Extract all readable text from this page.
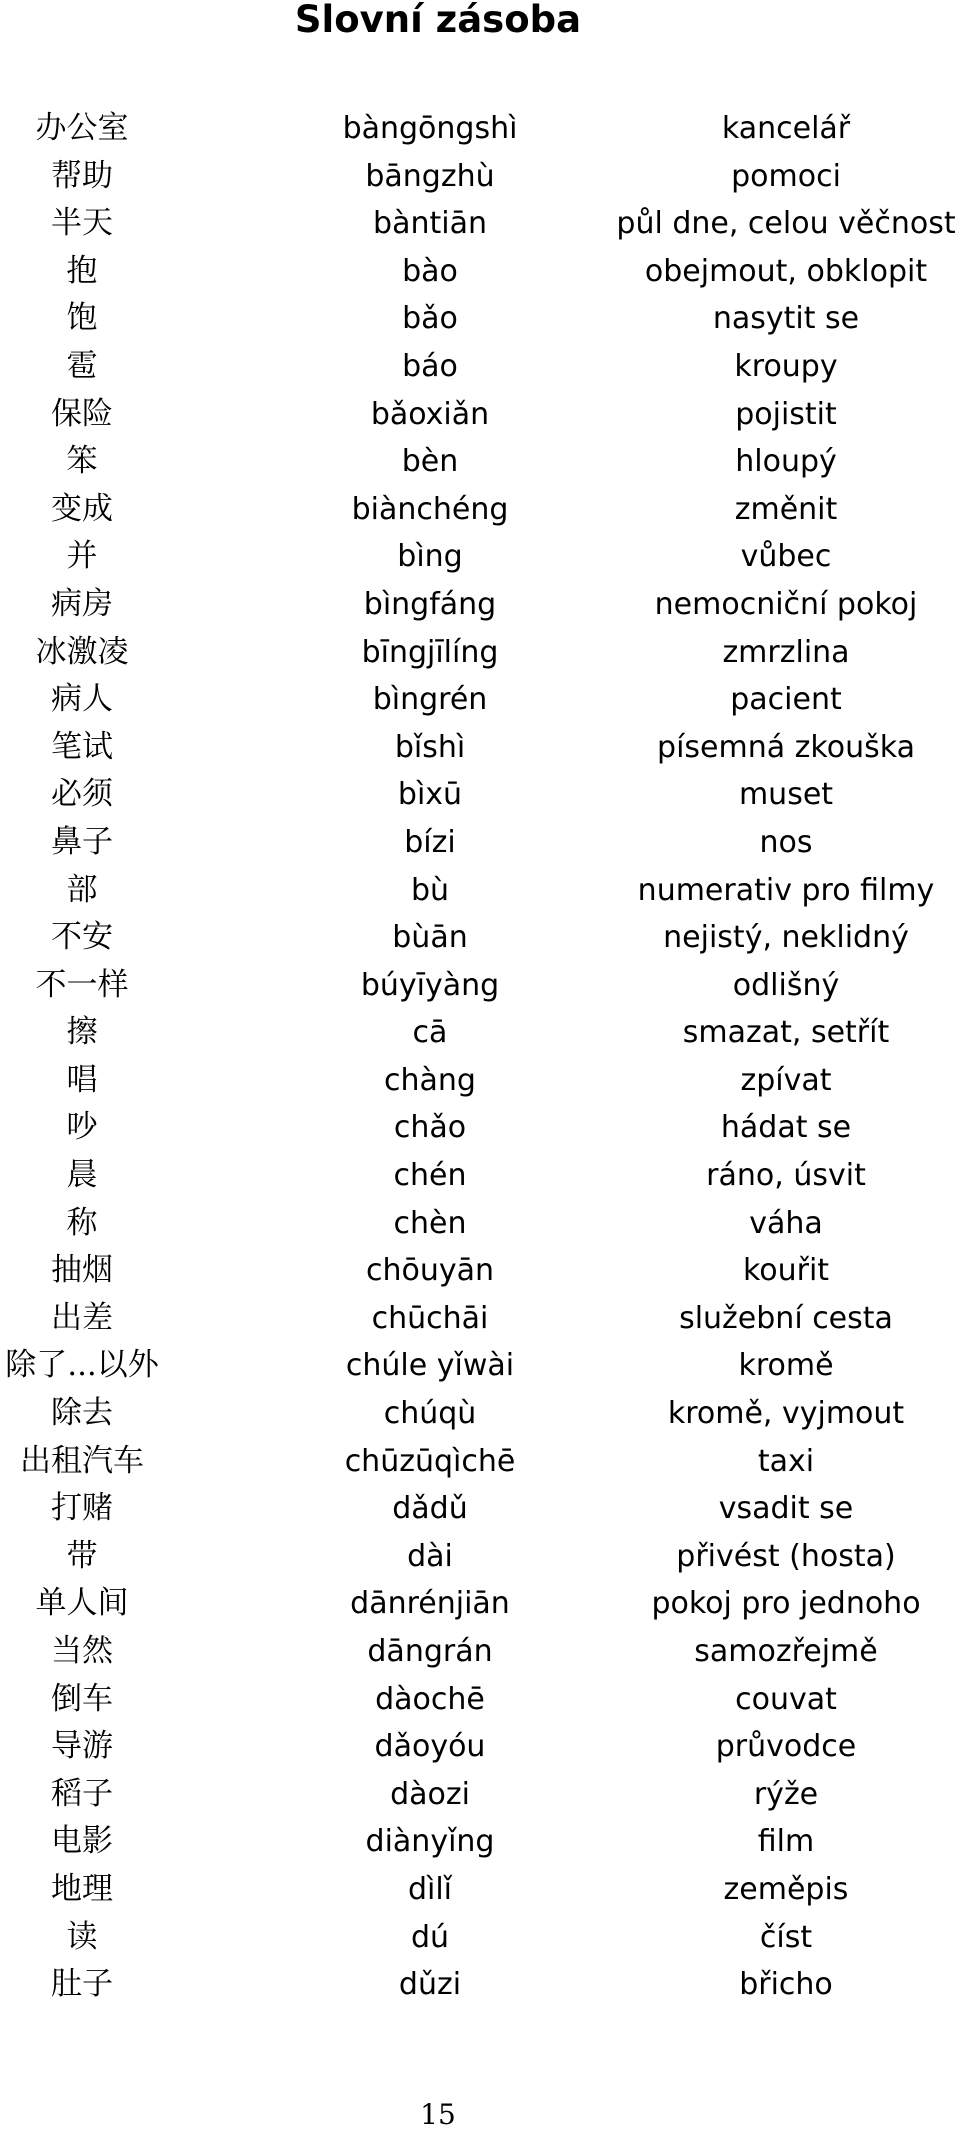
Slovní zásoba
办公室	bàngōngshì	kancelář
帮助	bāngzhù	pomoci
半天	bàntiān	půl dne, celou věčnost
抱	bào	obejmout, obklopit
饱	bǎo	nasytit se
雹	báo	kroupy
保险	bǎoxiǎn	pojistit
笨	bèn	hloupý
变成	biànchéng	změnit
并	bìng	vůbec
病房	bìngfáng	nemocniční pokoj
冰激凌	bīngjīlíng	zmrzlina
病人	bìngrén	pacient
笔试	bǐshì	písemná zkouška
必须	bìxū	muset
鼻子	bízi	nos
部	bù	numerativ pro filmy
不安	bùān	nejistý, neklidný
不一样	búyīyàng	odlišný
擦	cā	smazat, setřít
唱	chàng	zpívat
吵	chǎo	hádat se
晨	chén	ráno, úsvit
称	chèn	váha
抽烟	chōuyān	kouřit
出差	chūchāi	služební cesta
除了...以外	chúle yǐwài	kromě
除去	chúqù	kromě, vyjmout
出租汽车	chūzūqìchē	taxi
打赌	dǎdǔ	vsadit se
带	dài	přivést (hosta)
单人间	dānrénjiān	pokoj pro jednoho
当然	dāngrán	samozřejmě
倒车	dàochē	couvat
导游	dǎoyóu	průvodce
稻子	dàozi	rýže
电影	diànyǐng	film
地理	dìlǐ	zeměpis
读	dú	číst
肚子	dǔzi	břicho
15
